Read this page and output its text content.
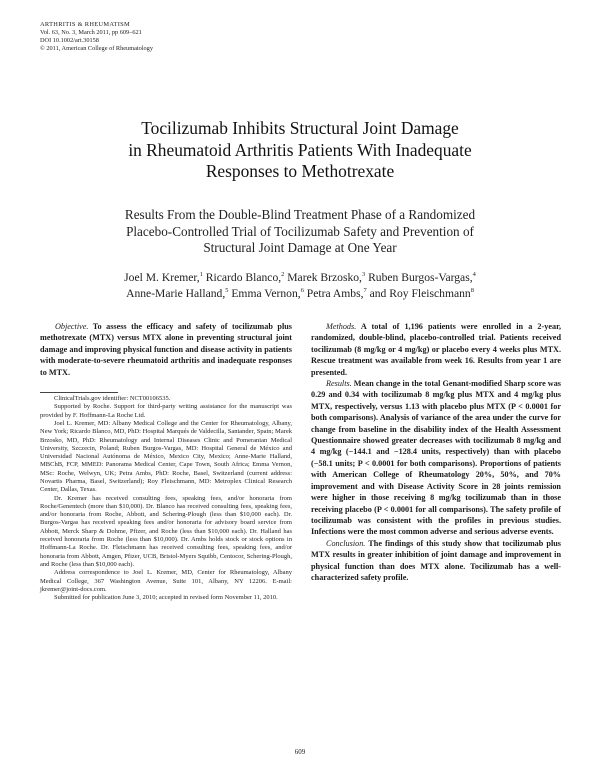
ARTHRITIS & RHEUMATISM
Vol. 63, No. 3, March 2011, pp 609–621
DOI 10.1002/art.30158
© 2011, American College of Rheumatology
Tocilizumab Inhibits Structural Joint Damage
in Rheumatoid Arthritis Patients With Inadequate
Responses to Methotrexate
Results From the Double-Blind Treatment Phase of a Randomized
Placebo-Controlled Trial of Tocilizumab Safety and Prevention of
Structural Joint Damage at One Year
Joel M. Kremer,$^1$ Ricardo Blanco,$^2$ Marek Brzosko,$^3$ Ruben Burgos-Vargas,$^4$
Anne-Marie Halland,$^5$ Emma Vernon,$^6$ Petra Ambs,$^7$ and Roy Fleischmann$^8$

Objective. To assess the efficacy and safety of tocilizumab plus methotrexate (MTX) versus MTX alone in preventing structural joint damage and improving physical function and disease activity in patients with moderate-to-severe rheumatoid arthritis and inadequate responses to MTX.

ClinicalTrials.gov identifier: NCT00106535.

Supported by Roche. Support for third-party writing assistance for the manuscript was provided by F. Hoffmann-La Roche Ltd.

Joel L. Kremer, MD: Albany Medical College and the Center for Rheumatology, Albany, New York; Ricardo Blanco, MD, PhD: Hospital Marqués de Valdecilla, Santander, Spain; Marek Brzosko, MD, PhD: Rheumatology and Internal Diseases Clinic and Pomeranian Medical University, Szczecin, Poland; Ruben Burgos-Vargas, MD: Hospital General de México and Universidad Nacional Autónoma de México, Mexico City, Mexico; Anne-Marie Halland, MBChB, FCP, MMED: Panorama Medical Center, Cape Town, South Africa; Emma Vernon, MSc: Roche, Welwyn, UK; Petra Ambs, PhD: Roche, Basel, Switzerland (current address: Novartis Pharma, Basel, Switzerland); Roy Fleischmann, MD: Metroplex Clinical Research Center, Dallas, Texas.

Dr. Kremer has received consulting fees, speaking fees, and/or honoraria from Roche/Genentech (more than $10,000). Dr. Blanco has received consulting fees, speaking fees, and/or honoraria from Roche, Abbott, and Schering-Plough (less than $10,000 each). Dr. Burgos-Vargas has received speaking fees and/or honoraria for advisory board service from Abbott, Merck Sharp & Dohme, Pfizer, and Roche (less than $10,000 each). Dr. Halland has received honoraria from Roche (less than $10,000). Dr. Ambs holds stock or stock options in Hoffmann-La Roche. Dr. Fleischmann has received consulting fees, speaking fees, and/or honoraria from Abbott, Amgen, Pfizer, UCB, Bristol-Myers Squibb, Centocor, Schering-Plough, and Roche (less than $10,000 each).

Address correspondence to Joel L. Kremer, MD, Center for Rheumatology, Albany Medical College, 367 Washington Avenue, Suite 101, Albany, NY 12206. E-mail: jkremer@joint-docs.com.

Submitted for publication June 3, 2010; accepted in revised form November 11, 2010.

Methods. A total of 1,196 patients were enrolled in a 2-year, randomized, double-blind, placebo-controlled trial. Patients received tocilizumab (8 mg/kg or 4 mg/kg) or placebo every 4 weeks plus MTX. Rescue treatment was available from week 16. Results from year 1 are presented.

Results. Mean change in the total Genant-modified Sharp score was 0.29 and 0.34 with tocilizumab 8 mg/kg plus MTX and 4 mg/kg plus MTX, respectively, versus 1.13 with placebo plus MTX (P < 0.0001 for both comparisons). Analysis of variance of the area under the curve for change from baseline in the disability index of the Health Assessment Questionnaire showed greater decreases with tocilizumab 8 mg/kg and 4 mg/kg (−144.1 and −128.4 units, respectively) than with placebo (−58.1 units; P < 0.0001 for both comparisons). Proportions of patients with American College of Rheumatology 20%, 50%, and 70% improvement and with Disease Activity Score in 28 joints remission were higher in those receiving 8 mg/kg tocilizumab than in those receiving placebo (P < 0.0001 for all comparisons). The safety profile of tocilizumab was consistent with the profiles in previous studies. Infections were the most common adverse and serious adverse events.

Conclusion. The findings of this study show that tocilizumab plus MTX results in greater inhibition of joint damage and improvement in physical function than does MTX alone. Tocilizumab has a well-characterized safety profile.

609
